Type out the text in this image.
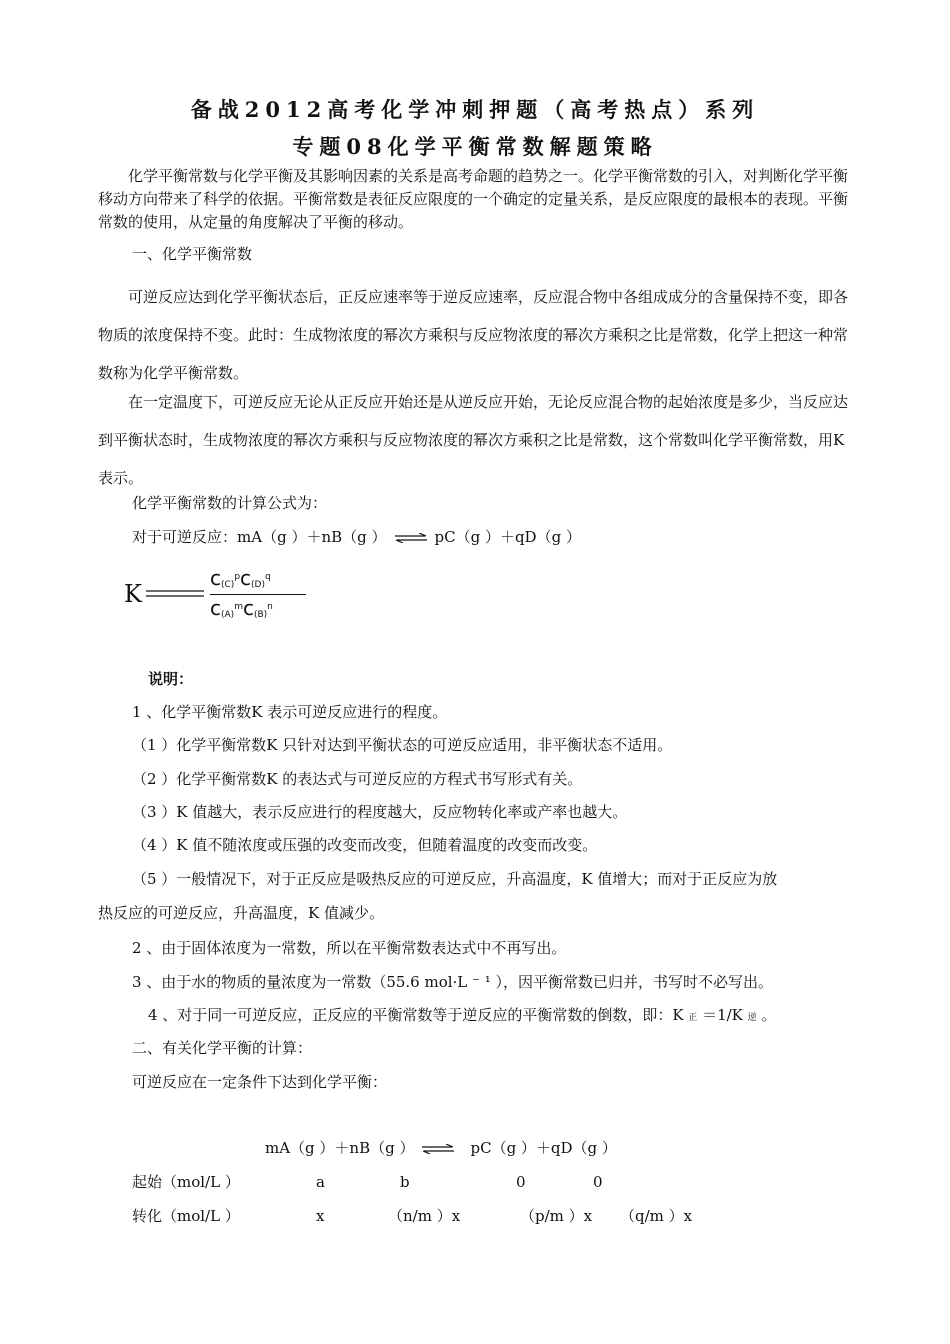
备战2012高考化学冲刺押题（高考热点）系列
专题08化学平衡常数解题策略
化学平衡常数与化学平衡及其影响因素的关系是高考命题的趋势之一。化学平衡常数的引入，对判断化学平衡移动方向带来了科学的依据。平衡常数是表征反应限度的一个确定的定量关系，是反应限度的最根本的表现。平衡常数的使用，从定量的角度解决了平衡的移动。
一、化学平衡常数
可逆反应达到化学平衡状态后，正反应速率等于逆反应速率，反应混合物中各组成成分的含量保持不变，即各物质的浓度保持不变。此时：生成物浓度的幂次方乘积与反应物浓度的幂次方乘积之比是常数，化学上把这一种常数称为化学平衡常数。
在一定温度下，可逆反应无论从正反应开始还是从逆反应开始，无论反应混合物的起始浓度是多少，当反应达到平衡状态时，生成物浓度的幂次方乘积与反应物浓度的幂次方乘积之比是常数，这个常数叫化学平衡常数，用K 表示。
化学平衡常数的计算公式为：
对于可逆反应：mA（g ）＋nB（g ） ⇌ pC（g ）＋qD（g ）
K
$c_{(C)}^pc_{(D)}^q$
$c_{(A)}^mc_{(B)}^n$
说明：
1 、化学平衡常数K 表示可逆反应进行的程度。
（1 ）化学平衡常数K 只针对达到平衡状态的可逆反应适用，非平衡状态不适用。
（2 ）化学平衡常数K 的表达式与可逆反应的方程式书写形式有关。
（3 ）K 值越大，表示反应进行的程度越大，反应物转化率或产率也越大。
（4 ）K 值不随浓度或压强的改变而改变，但随着温度的改变而改变。
（5 ）一般情况下，对于正反应是吸热反应的可逆反应，升高温度，K 值增大；而对于正反应为放
热反应的可逆反应，升高温度，K 值减少。
2 、由于固体浓度为一常数，所以在平衡常数表达式中不再写出。
3 、由于水的物质的量浓度为一常数（55.6 mol·L ⁻ ¹ ），因平衡常数已归并，书写时不必写出。
4 、对于同一可逆反应，正反应的平衡常数等于逆反应的平衡常数的倒数，即：K 正 ＝1/K 逆 。
二、有关化学平衡的计算：
可逆反应在一定条件下达到化学平衡：
mA（g ）＋nB（g ） ⇌ pC（g ）＋qD（g ）
起始（mol/L ）	a	b	0	0
转化（mol/L ）	x	（n/m ）x	（p/m ）x （q/m ）x
